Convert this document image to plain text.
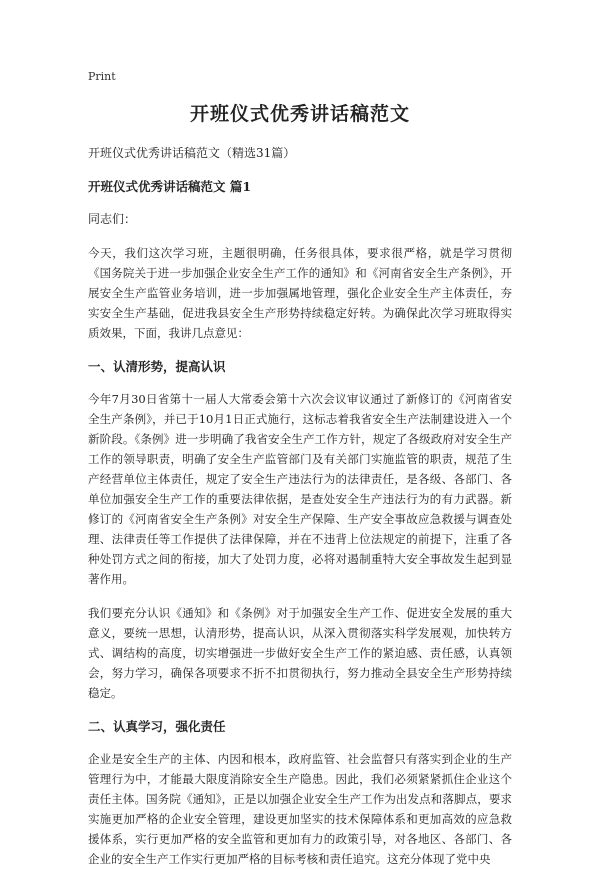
Print
开班仪式优秀讲话稿范文
开班仪式优秀讲话稿范文（精选31篇）
开班仪式优秀讲话稿范文 篇1
同志们：

今天，我们这次学习班，主题很明确，任务很具体，要求很严格，就是学习贯彻《国务院关于进一步加强企业安全生产工作的通知》和《河南省安全生产条例》，开展安全生产监管业务培训，进一步加强属地管理，强化企业安全生产主体责任，夯实安全生产基础，促进我县安全生产形势持续稳定好转。为确保此次学习班取得实质效果，下面，我讲几点意见：

一、认清形势，提高认识

今年7月30日省第十一届人大常委会第十六次会议审议通过了新修订的《河南省安全生产条例》，并已于10月1日正式施行，这标志着我省安全生产法制建设进入一个新阶段。《条例》进一步明确了我省安全生产工作方针，规定了各级政府对安全生产工作的领导职责，明确了安全生产监管部门及有关部门实施监管的职责，规范了生产经营单位主体责任，规定了安全生产违法行为的法律责任，是各级、各部门、各单位加强安全生产工作的重要法律依据，是查处安全生产违法行为的有力武器。新修订的《河南省安全生产条例》对安全生产保障、生产安全事故应急救援与调查处理、法律责任等工作提供了法律保障，并在不违背上位法规定的前提下，注重了各种处罚方式之间的衔接，加大了处罚力度，必将对遏制重特大安全事故发生起到显著作用。

我们要充分认识《通知》和《条例》对于加强安全生产工作、促进安全发展的重大意义，要统一思想，认清形势，提高认识，从深入贯彻落实科学发展观，加快转方式、调结构的高度，切实增强进一步做好安全生产工作的紧迫感、责任感，认真领会，努力学习，确保各项要求不折不扣贯彻执行，努力推动全县安全生产形势持续稳定。

二、认真学习，强化责任

企业是安全生产的主体、内因和根本，政府监管、社会监督只有落实到企业的生产管理行为中，才能最大限度消除安全生产隐患。因此，我们必须紧紧抓住企业这个责任主体。国务院《通知》，正是以加强企业安全生产工作为出发点和落脚点，要求实施更加严格的企业安全管理，建设更加坚实的技术保障体系和更加高效的应急救援体系，实行更加严格的安全监管和更加有力的政策引导，对各地区、各部门、各企业的安全生产工作实行更加严格的目标考核和责任追究。这充分体现了党中央
